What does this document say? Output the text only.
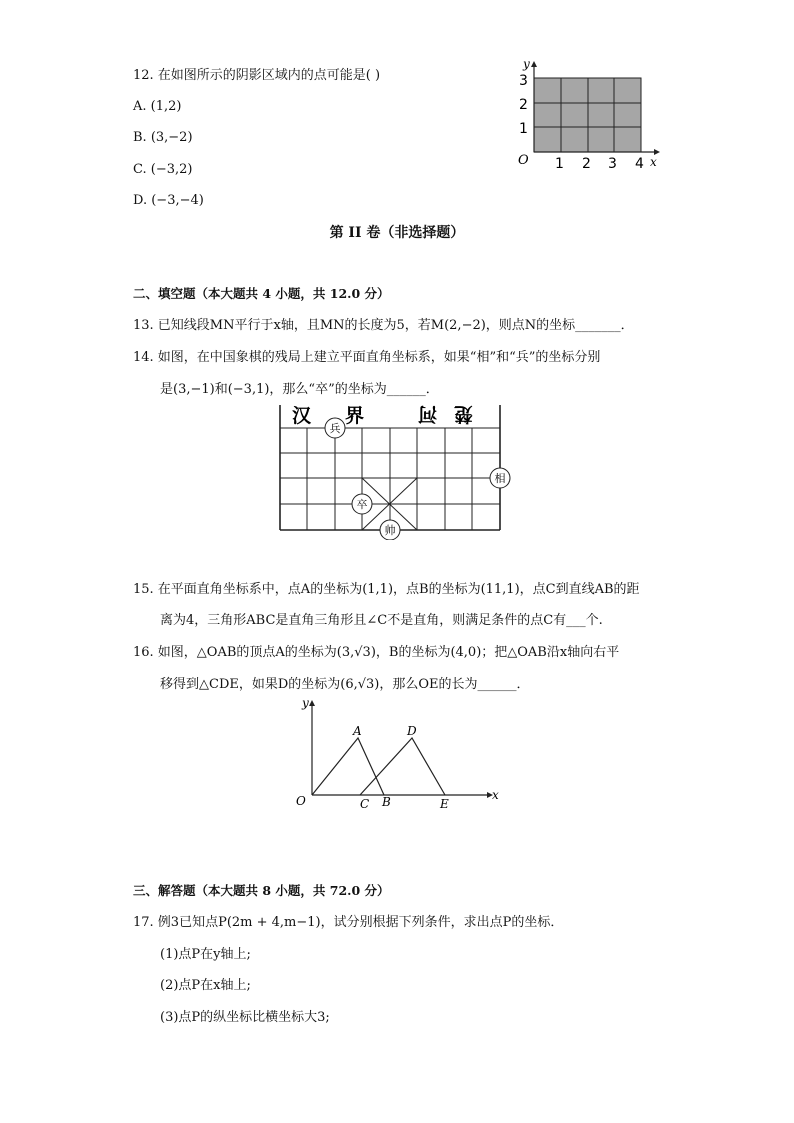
12. 在如图所示的阴影区域内的点可能是( )
A. (1,2)
B. (3,−2)
C. (−3,2)
D. (−3,−4)
y
x
O 1 2 3 4
1
2
3
第 II 卷（非选择题）
二、填空题（本大题共 4 小题，共 12.0 分）
13. 已知线段MN平行于x轴，且MN的长度为5，若M(2,−2)，则点N的坐标_______．
14. 如图，在中国象棋的残局上建立平面直角坐标系，如果“相”和“兵”的坐标分别
是(3,−1)和(−3,1)，那么“卒”的坐标为______．
汉 界	河 楚
兵
相
卒
帅
15. 在平面直角坐标系中，点A的坐标为(1,1)，点B的坐标为(11,1)，点C到直线AB的距
离为4，三角形ABC是直角三角形且∠C不是直角，则满足条件的点C有___个.
16. 如图，△OAB的顶点A的坐标为(3,√3)，B的坐标为(4,0)；把△OAB沿x轴向右平
移得到△CDE，如果D的坐标为(6,√3)，那么OE的长为______．
y
x
O
A
B
C
D
E
三、解答题（本大题共 8 小题，共 72.0 分）
17. 例3已知点P(2m + 4,m−1)，试分别根据下列条件，求出点P的坐标．
(1)点P在y轴上;
(2)点P在x轴上;
(3)点P的纵坐标比横坐标大3;
